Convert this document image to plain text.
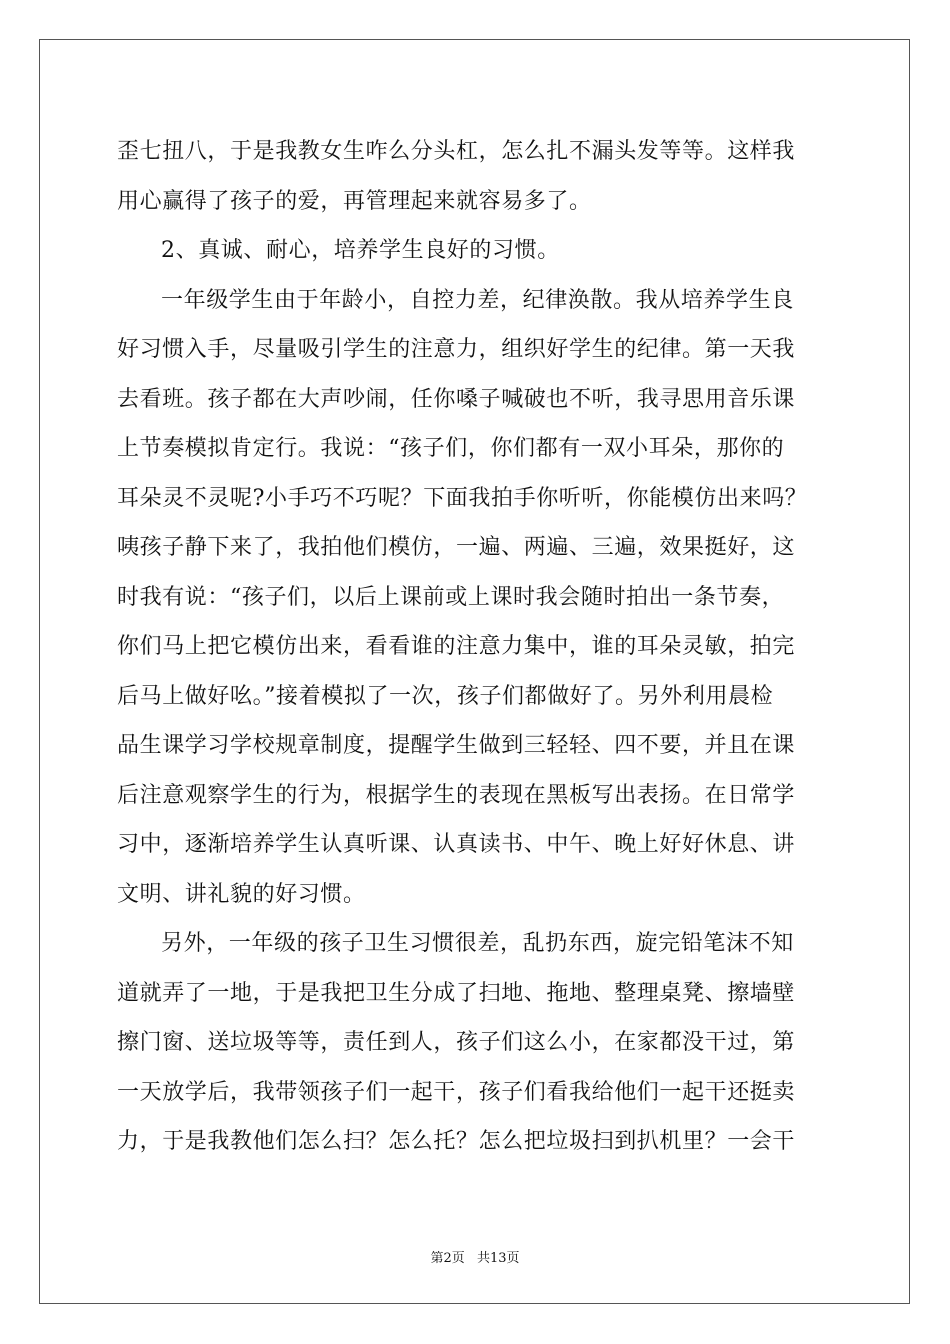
歪七扭八，于是我教女生咋么分头杠，怎么扎不漏头发等等。这样我
用心赢得了孩子的爱，再管理起来就容易多了。
2、真诚、耐心，培养学生良好的习惯。
一年级学生由于年龄小，自控力差，纪律涣散。我从培养学生良
好习惯入手，尽量吸引学生的注意力，组织好学生的纪律。第一天我
去看班。孩子都在大声吵闹，任你嗓子喊破也不听，我寻思用音乐课
上节奏模拟肯定行。我说：“孩子们，你们都有一双小耳朵，那你的
耳朵灵不灵呢?小手巧不巧呢？下面我拍手你听听，你能模仿出来吗？
咦孩子静下来了，我拍他们模仿，一遍、两遍、三遍，效果挺好，这
时我有说：“孩子们，以后上课前或上课时我会随时拍出一条节奏，
你们马上把它模仿出来，看看谁的注意力集中，谁的耳朵灵敏，拍完
后马上做好吆。”接着模拟了一次，孩子们都做好了。另外利用晨检
品生课学习学校规章制度，提醒学生做到三轻轻、四不要，并且在课
后注意观察学生的行为，根据学生的表现在黑板写出表扬。在日常学
习中，逐渐培养学生认真听课、认真读书、中午、晚上好好休息、讲
文明、讲礼貌的好习惯。
另外，一年级的孩子卫生习惯很差，乱扔东西，旋完铅笔沫不知
道就弄了一地，于是我把卫生分成了扫地、拖地、整理桌凳、擦墙壁
擦门窗、送垃圾等等，责任到人，孩子们这么小，在家都没干过，第
一天放学后，我带领孩子们一起干，孩子们看我给他们一起干还挺卖
力，于是我教他们怎么扫？怎么托？怎么把垃圾扫到扒机里？一会干
第2页 共13页
